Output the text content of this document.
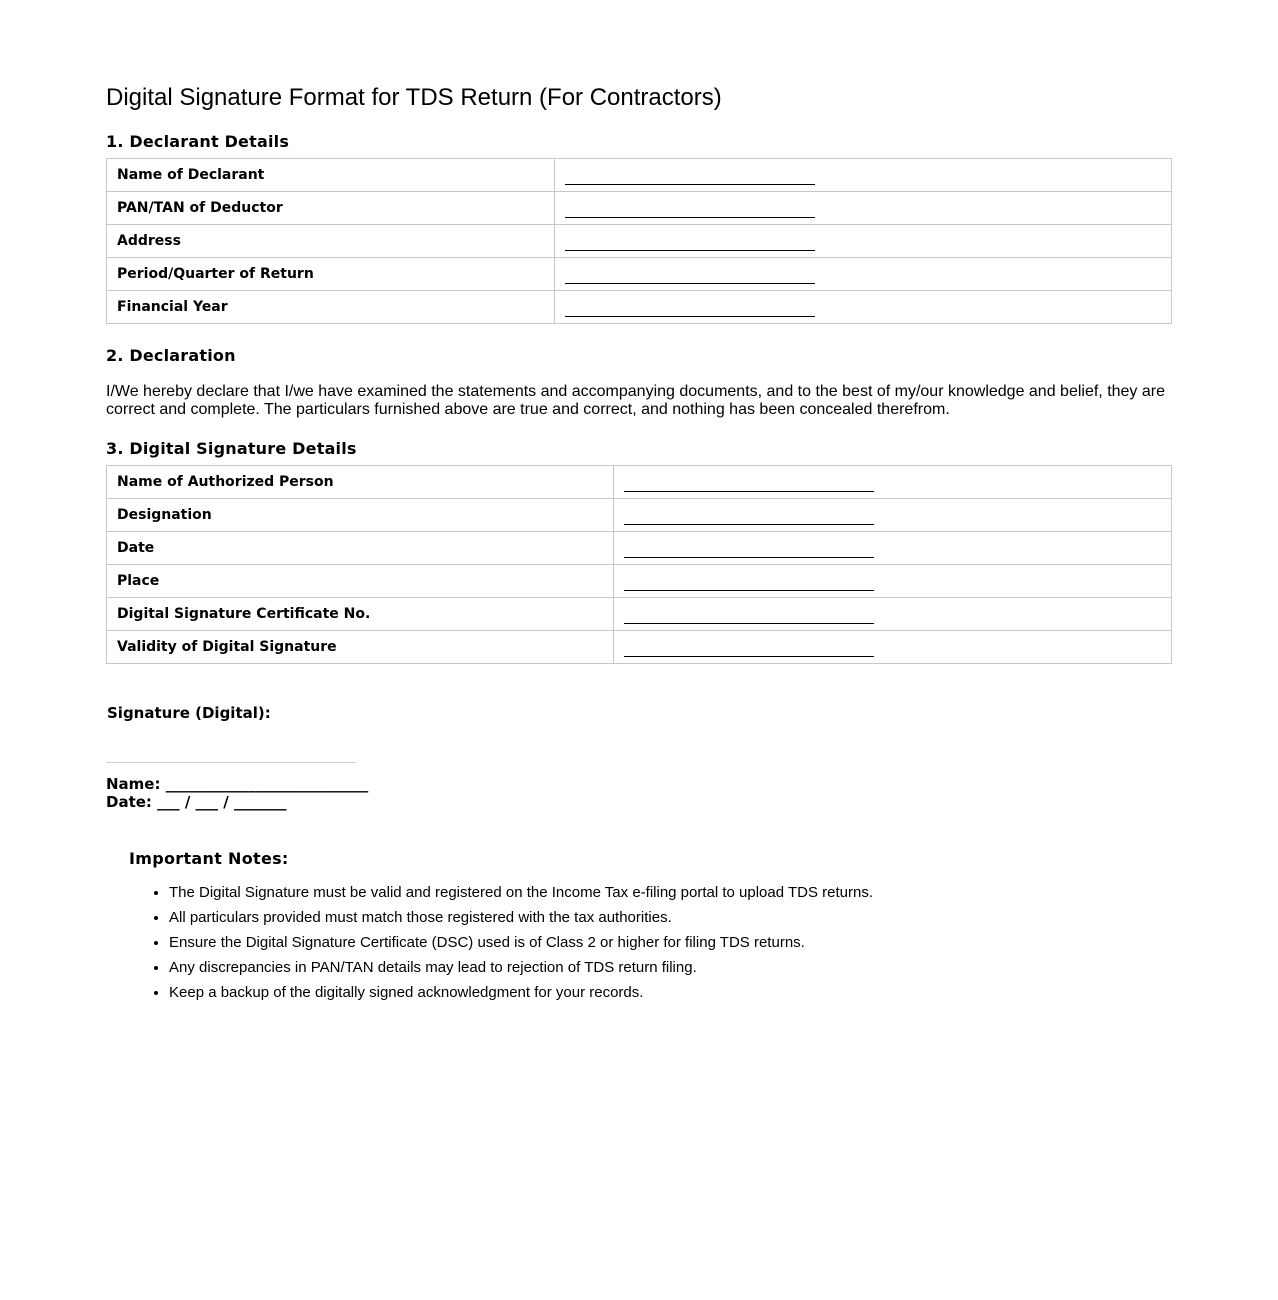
Digital Signature Format for TDS Return (For Contractors)
1. Declarant Details
Name of Declarant	
PAN/TAN of Deductor	
Address	
Period/Quarter of Return	
Financial Year	
2. Declaration

I/We hereby declare that I/we have examined the statements and accompanying documents, and to the best of my/our knowledge and belief, they are correct and complete. The particulars furnished above are true and correct, and nothing has been concealed therefrom.

3. Digital Signature Details
Name of Authorized Person	
Designation	
Date	
Place	
Digital Signature Certificate No.	
Validity of Digital Signature	
Signature (Digital):
Name: ___________________________
Date: ___ / ___ / _______
Important Notes:
• The Digital Signature must be valid and registered on the Income Tax e-filing portal to upload TDS returns.
• All particulars provided must match those registered with the tax authorities.
• Ensure the Digital Signature Certificate (DSC) used is of Class 2 or higher for filing TDS returns.
• Any discrepancies in PAN/TAN details may lead to rejection of TDS return filing.
• Keep a backup of the digitally signed acknowledgment for your records.
